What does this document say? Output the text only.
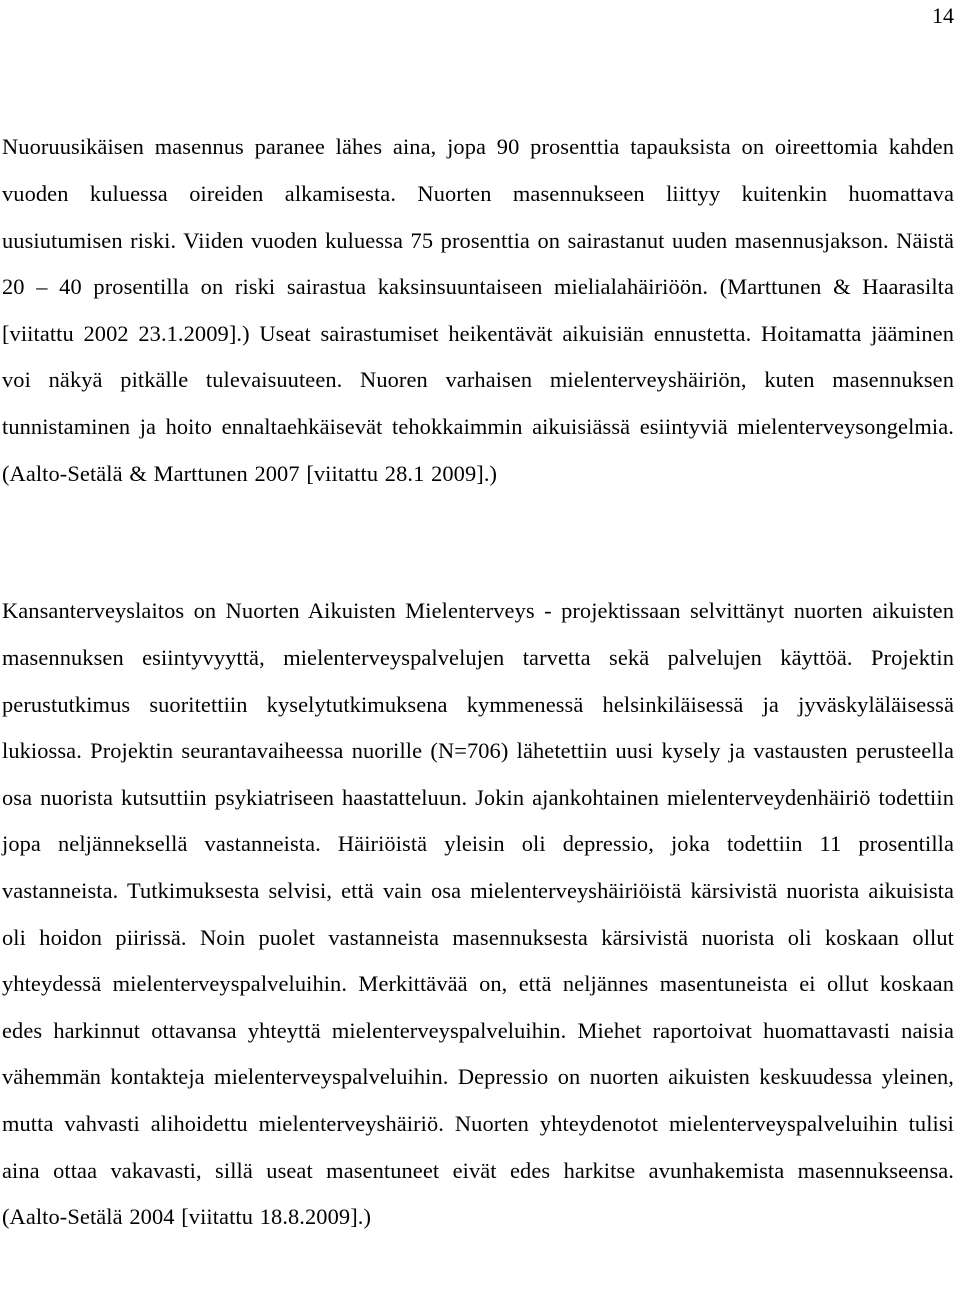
14

Nuoruusikäisen masennus paranee lähes aina, jopa 90 prosenttia tapauksista on oireettomia kahden vuoden kuluessa oireiden alkamisesta. Nuorten masennukseen liittyy kuitenkin huomattava uusiutumisen riski. Viiden vuoden kuluessa 75 prosenttia on sairastanut uuden masennusjakson. Näistä 20 – 40 prosentilla on riski sairastua kaksinsuuntaiseen mielialahäiriöön. (Marttunen & Haarasilta [viitattu 2002 23.1.2009].) Useat sairastumiset heikentävät aikuisiän ennustetta. Hoitamatta jääminen voi näkyä pitkälle tulevaisuuteen. Nuoren varhaisen mielenterveyshäiriön, kuten masennuksen tunnistaminen ja hoito ennaltaehkäisevät tehokkaimmin aikuisiässä esiintyviä mielenterveysongelmia. (Aalto-Setälä & Marttunen 2007 [viitattu 28.1 2009].)

Kansanterveyslaitos on Nuorten Aikuisten Mielenterveys - projektissaan selvittänyt nuorten aikuisten masennuksen esiintyvyyttä, mielenterveyspalvelujen tarvetta sekä palvelujen käyttöä. Projektin perustutkimus suoritettiin kyselytutkimuksena kymmenessä helsinkiläisessä ja jyväskyläläisessä lukiossa. Projektin seurantavaiheessa nuorille (N=706) lähetettiin uusi kysely ja vastausten perusteella osa nuorista kutsuttiin psykiatriseen haastatteluun. Jokin ajankohtainen mielenterveydenhäiriö todettiin jopa neljänneksellä vastanneista. Häiriöistä yleisin oli depressio, joka todettiin 11 prosentilla vastanneista. Tutkimuksesta selvisi, että vain osa mielenterveyshäiriöistä kärsivistä nuorista aikuisista oli hoidon piirissä. Noin puolet vastanneista masennuksesta kärsivistä nuorista oli koskaan ollut yhteydessä mielenterveyspalveluihin. Merkittävää on, että neljännes masentuneista ei ollut koskaan edes harkinnut ottavansa yhteyttä mielenterveyspalveluihin. Miehet raportoivat huomattavasti naisia vähemmän kontakteja mielenterveyspalveluihin. Depressio on nuorten aikuisten keskuudessa yleinen, mutta vahvasti alihoidettu mielenterveyshäiriö. Nuorten yhteydenotot mielenterveyspalveluihin tulisi aina ottaa vakavasti, sillä useat masentuneet eivät edes harkitse avunhakemista masennukseensa. (Aalto-Setälä 2004 [viitattu 18.8.2009].)
